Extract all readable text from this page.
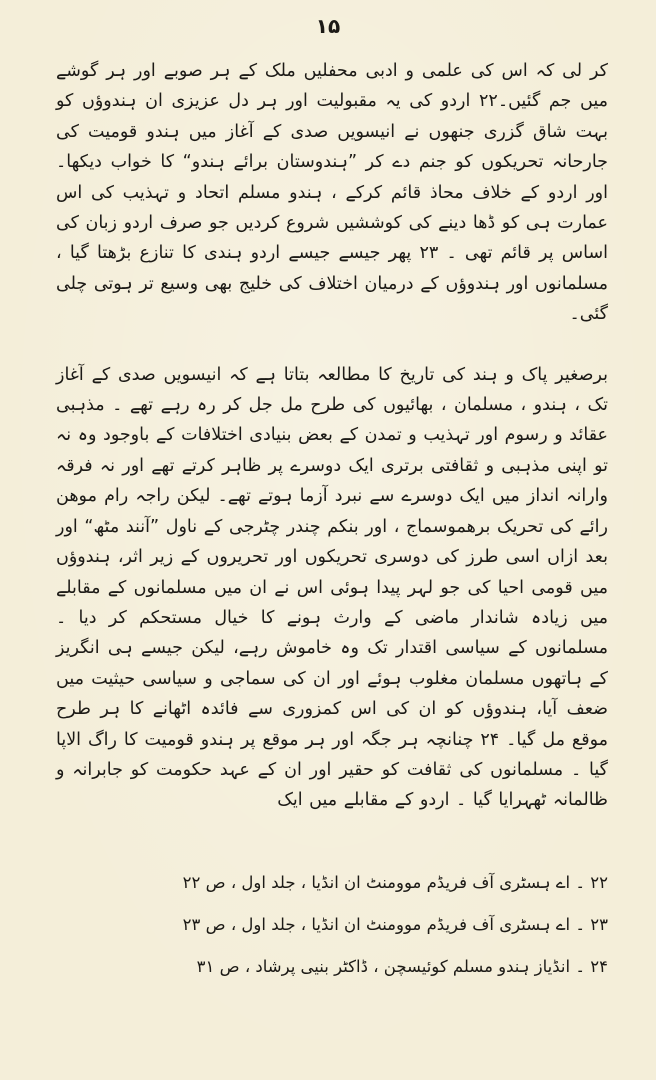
۱۵

کر لی کہ اس کی علمی و ادبی محفلیں ملک کے ہر صوبے اور ہر گوشے میں جم گئیں۔۲۲ اردو کی یہ مقبولیت اور ہر دل عزیزی ان ہندوؤں کو بہت شاق گزری جنھوں نے انیسویں صدی کے آغاز میں ہندو قومیت کی جارحانہ تحریکوں کو جنم دے کر ”ہندوستان برائے ہندو“ کا خواب دیکھا۔ اور اردو کے خلاف محاذ قائم کرکے ، ہندو مسلم اتحاد و تہذیب کی اس عمارت ہی کو ڈھا دینے کی کوششیں شروع کردیں جو صرف اردو زبان کی اساس پر قائم تھی ۔ ۲۳ پھر جیسے جیسے اردو ہندی کا تنازع بڑھتا گیا ، مسلمانوں اور ہندوؤں کے درمیان اختلاف کی خلیج بھی وسیع تر ہوتی چلی گئی۔

برصغیر پاک و ہند کی تاریخ کا مطالعہ بتاتا ہے کہ انیسویں صدی کے آغاز تک ، ہندو ، مسلمان ، بھائیوں کی طرح مل جل کر رہ رہے تھے ۔ مذہبی عقائد و رسوم اور تہذیب و تمدن کے بعض بنیادی اختلافات کے باوجود وہ نہ تو اپنی مذہبی و ثقافتی برتری ایک دوسرے پر ظاہر کرتے تھے اور نہ فرقہ وارانہ انداز میں ایک دوسرے سے نبرد آزما ہوتے تھے۔ لیکن راجہ رام موھن رائے کی تحریک برھموسماج ، اور بنکم چندر چٹرجی کے ناول ”آنند مٹھ“ اور بعد ازاں اسی طرز کی دوسری تحریکوں اور تحریروں کے زیر اثر، ہندوؤں میں قومی احیا کی جو لہر پیدا ہوئی اس نے ان میں مسلمانوں کے مقابلے میں زیادہ شاندار ماضی کے وارث ہونے کا خیال مستحکم کر دیا ۔ مسلمانوں کے سیاسی اقتدار تک وہ خاموش رہے، لیکن جیسے ہی انگریز کے ہاتھوں مسلمان مغلوب ہوئے اور ان کی سماجی و سیاسی حیثیت میں ضعف آیا، ہندوؤں کو ان کی اس کمزوری سے فائدہ اٹھانے کا ہر طرح موقع مل گیا۔ ۲۴ چنانچہ ہر جگہ اور ہر موقع پر ہندو قومیت کا راگ الاپا گیا ۔ مسلمانوں کی ثقافت کو حقیر اور ان کے عہد حکومت کو جابرانہ و ظالمانہ ٹھہرایا گیا ۔ اردو کے مقابلے میں ایک

۲۲ ۔ اے ہسٹری آف فریڈم موومنٹ ان انڈیا ، جلد اول ، ص ۲۲

۲۳ ۔ اے ہسٹری آف فریڈم موومنٹ ان انڈیا ، جلد اول ، ص ۲۳

۲۴ ۔ انڈیاز ہندو مسلم کوئیسچن ، ڈاکٹر بنیی پرشاد ، ص ۳۱
